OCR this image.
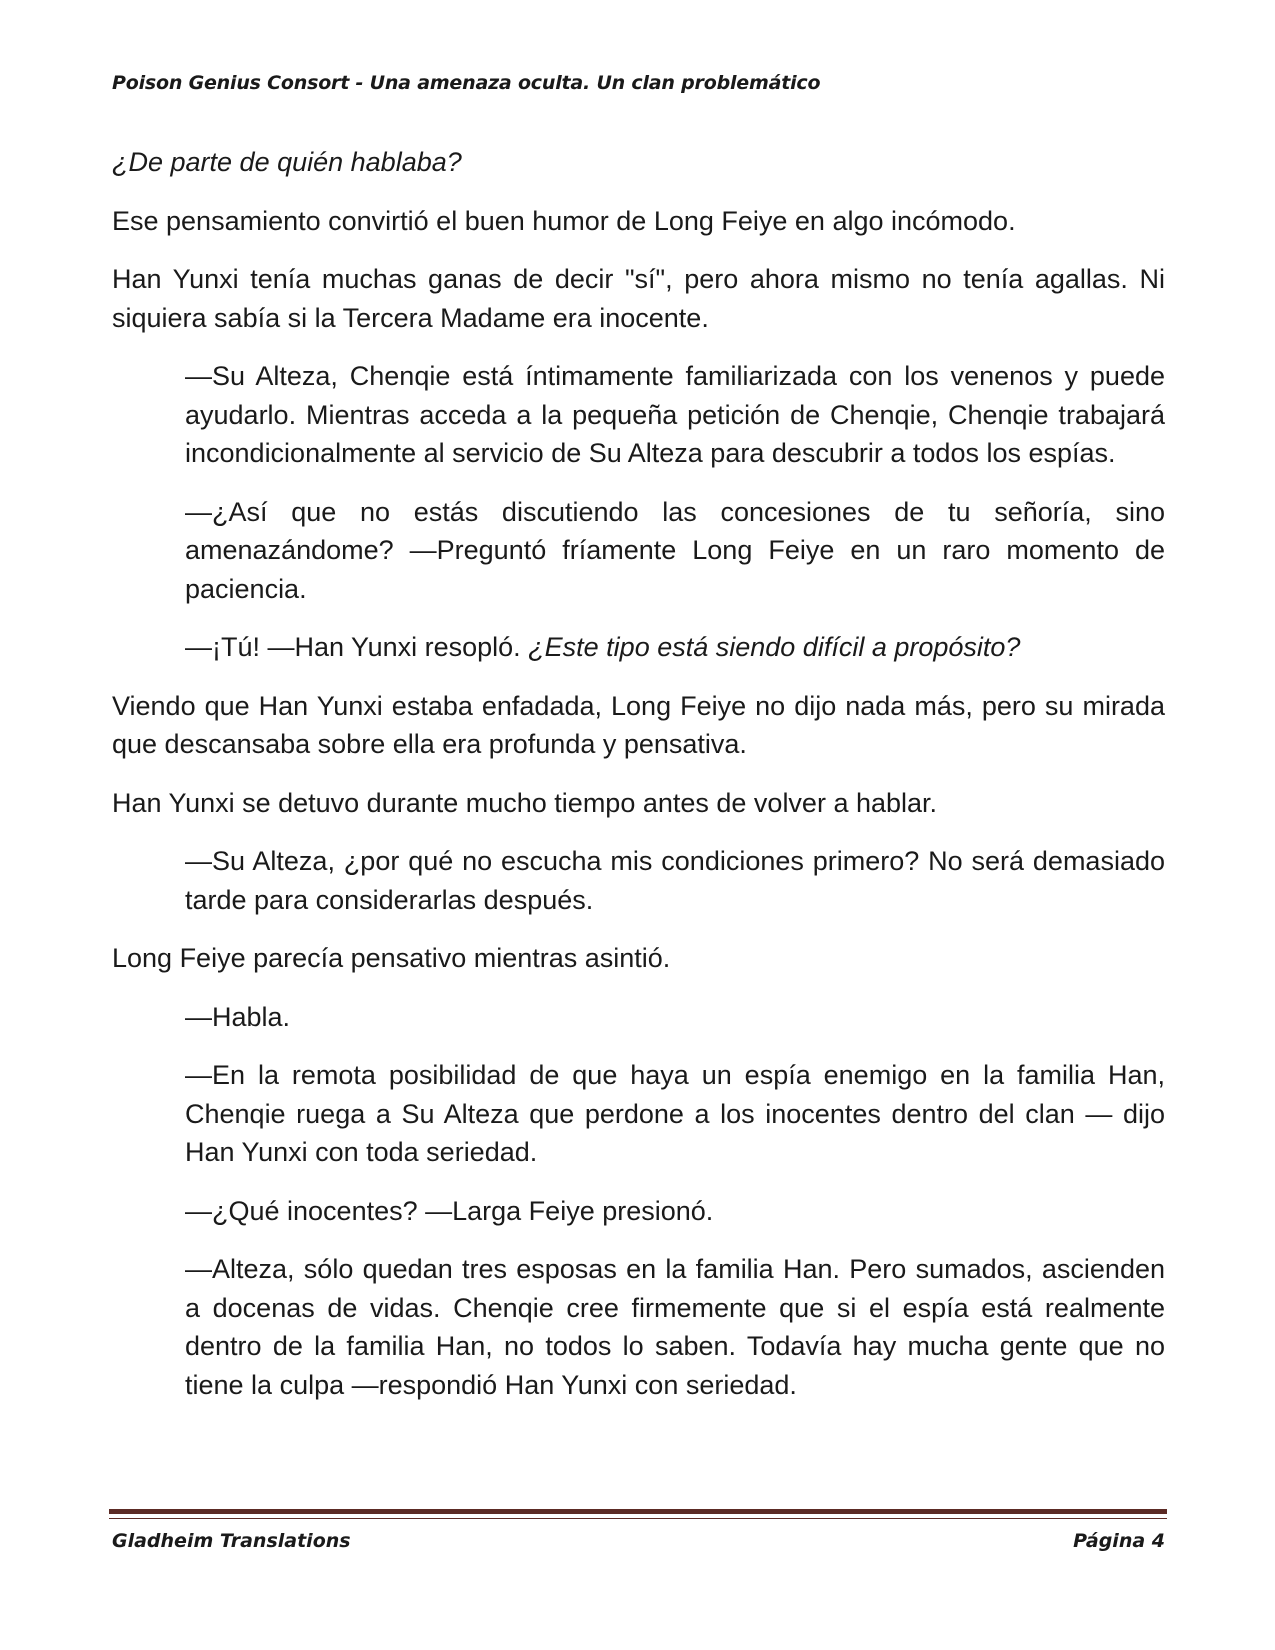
Poison Genius Consort - Una amenaza oculta. Un clan problemático

¿De parte de quién hablaba?

Ese pensamiento convirtió el buen humor de Long Feiye en algo incómodo.

Han Yunxi tenía muchas ganas de decir "sí", pero ahora mismo no tenía agallas. Ni siquiera sabía si la Tercera Madame era inocente.

—Su Alteza, Chenqie está íntimamente familiarizada con los venenos y puede ayudarlo. Mientras acceda a la pequeña petición de Chenqie, Chenqie trabajará incondicionalmente al servicio de Su Alteza para descubrir a todos los espías.

—¿Así que no estás discutiendo las concesiones de tu señoría, sino amenazándome? —Preguntó fríamente Long Feiye en un raro momento de paciencia.

—¡Tú! —Han Yunxi resopló. ¿Este tipo está siendo difícil a propósito?

Viendo que Han Yunxi estaba enfadada, Long Feiye no dijo nada más, pero su mirada que descansaba sobre ella era profunda y pensativa.

Han Yunxi se detuvo durante mucho tiempo antes de volver a hablar.

—Su Alteza, ¿por qué no escucha mis condiciones primero? No será demasiado tarde para considerarlas después.

Long Feiye parecía pensativo mientras asintió.

—Habla.

—En la remota posibilidad de que haya un espía enemigo en la familia Han, Chenqie ruega a Su Alteza que perdone a los inocentes dentro del clan — dijo Han Yunxi con toda seriedad.

—¿Qué inocentes? —Larga Feiye presionó.

—Alteza, sólo quedan tres esposas en la familia Han. Pero sumados, ascienden a docenas de vidas. Chenqie cree firmemente que si el espía está realmente dentro de la familia Han, no todos lo saben. Todavía hay mucha gente que no tiene la culpa —respondió Han Yunxi con seriedad.

Gladheim Translations	Página 4
